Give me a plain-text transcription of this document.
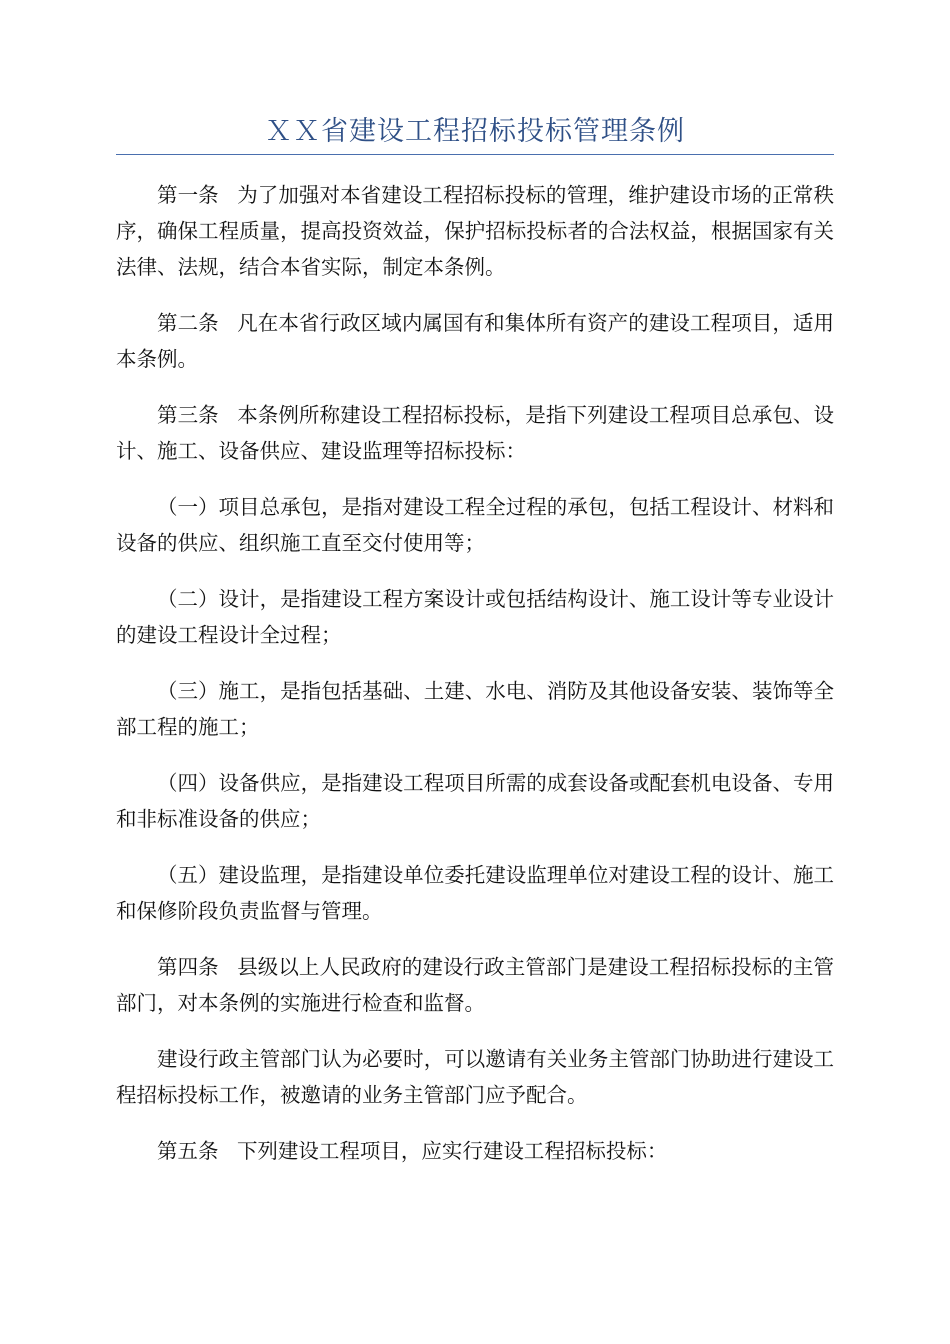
ＸＸ省建设工程招标投标管理条例

第一条 为了加强对本省建设工程招标投标的管理，维护建设市场的正常秩序，确保工程质量，提高投资效益，保护招标投标者的合法权益，根据国家有关法律、法规，结合本省实际，制定本条例。

第二条 凡在本省行政区域内属国有和集体所有资产的建设工程项目，适用本条例。

第三条 本条例所称建设工程招标投标，是指下列建设工程项目总承包、设计、施工、设备供应、建设监理等招标投标：

（一）项目总承包，是指对建设工程全过程的承包，包括工程设计、材料和设备的供应、组织施工直至交付使用等；

（二）设计，是指建设工程方案设计或包括结构设计、施工设计等专业设计的建设工程设计全过程；

（三）施工，是指包括基础、土建、水电、消防及其他设备安装、装饰等全部工程的施工；

（四）设备供应，是指建设工程项目所需的成套设备或配套机电设备、专用和非标准设备的供应；

（五）建设监理，是指建设单位委托建设监理单位对建设工程的设计、施工和保修阶段负责监督与管理。

第四条 县级以上人民政府的建设行政主管部门是建设工程招标投标的主管部门，对本条例的实施进行检查和监督。

建设行政主管部门认为必要时，可以邀请有关业务主管部门协助进行建设工程招标投标工作，被邀请的业务主管部门应予配合。

第五条 下列建设工程项目，应实行建设工程招标投标：
